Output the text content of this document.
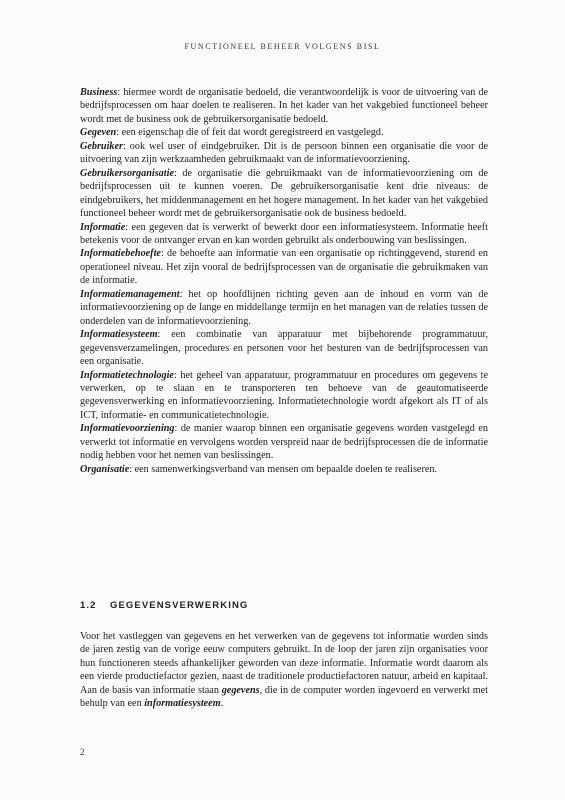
FUNCTIONEEL BEHEER VOLGENS BISL

Business: hiermee wordt de organisatie bedoeld, die verantwoordelijk is voor de uitvoering van de bedrijfsprocessen om haar doelen te realiseren. In het kader van het vakgebied functioneel beheer wordt met de business ook de gebruikersorganisatie bedoeld.

Gegeven: een eigenschap die of feit dat wordt geregistreerd en vastgelegd.

Gebruiker: ook wel user of eindgebruiker. Dit is de persoon binnen een organisatie die voor de uitvoering van zijn werkzaamheden gebruikmaakt van de informatievoorziening.

Gebruikersorganisatie: de organisatie die gebruikmaakt van de informatievoorziening om de bedrijfsprocessen uit te kunnen voeren. De gebruikersorganisatie kent drie niveaus: de eindgebruikers, het middenmanagement en het hogere management. In het kader van het vakgebied functioneel beheer wordt met de gebruikersorganisatie ook de business bedoeld.

Informatie: een gegeven dat is verwerkt of bewerkt door een informatiesysteem. Informatie heeft betekenis voor de ontvanger ervan en kan worden gebruikt als onderbouwing van beslissingen.

Informatiebehoefte: de behoefte aan informatie van een organisatie op richtinggevend, sturend en operationeel niveau. Het zijn vooral de bedrijfsprocessen van de organisatie die gebruikmaken van de informatie.

Informatiemanagement: het op hoofdlijnen richting geven aan de inhoud en vorm van de informatievoorziening op de lange en middellange termijn en het managen van de relaties tussen de onderdelen van de informatievoorziening.

Informatiesysteem: een combinatie van apparatuur met bijbehorende programmatuur, gegevensverzamelingen, procedures en personen voor het besturen van de bedrijfsprocessen van een organisatie.

Informatietechnologie: het geheel van apparatuur, programmatuur en procedures om gegevens te verwerken, op te slaan en te transporteren ten behoeve van de geautomatiseerde gegevensverwerking en informatievoorziening. Informatietechnologie wordt afgekort als IT of als ICT, informatie- en communicatietechnologie.

Informatievoorziening: de manier waarop binnen een organisatie gegevens worden vastgelegd en verwerkt tot informatie en vervolgens worden verspreid naar de bedrijfsprocessen die de informatie nodig hebben voor het nemen van beslissingen.

Organisatie: een samenwerkingsverband van mensen om bepaalde doelen te realiseren.

1.2 GEGEVENSVERWERKING

Voor het vastleggen van gegevens en het verwerken van de gegevens tot informatie worden sinds de jaren zestig van de vorige eeuw computers gebruikt. In de loop der jaren zijn organisaties voor hun functioneren steeds afhankelijker geworden van deze informatie. Informatie wordt daarom als een vierde productiefactor gezien, naast de traditionele productiefactoren natuur, arbeid en kapitaal. Aan de basis van informatie staan gegevens, die in de computer worden ingevoerd en verwerkt met behulp van een informatiesysteem.

2
